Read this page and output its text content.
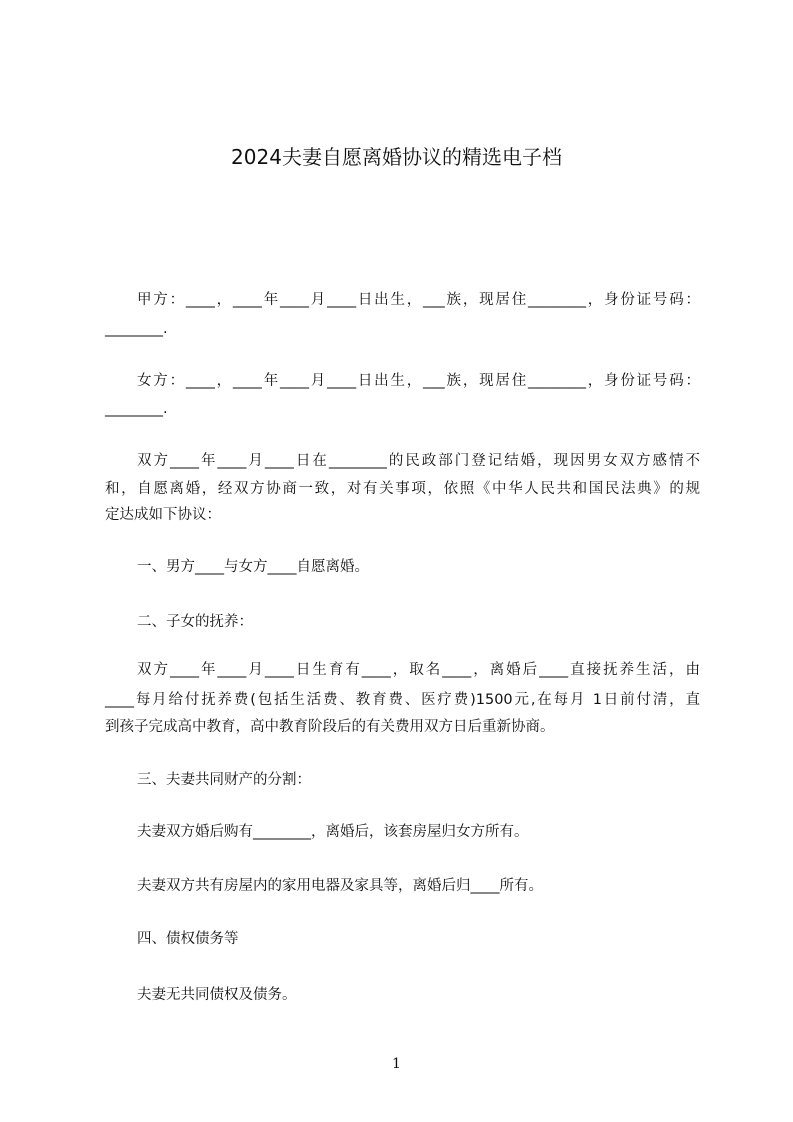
2024夫妻自愿离婚协议的精选电子档
甲方：____，____年____月____日出生，___族，现居住________，身份证号码：
________.
女方：____，____年____月____日出生，___族，现居住________，身份证号码：
________.
双方____年____月____日在________的民政部门登记结婚，现因男女双方感情不
和，自愿离婚，经双方协商一致，对有关事项，依照《中华人民共和国民法典》的规
定达成如下协议：
一、男方____与女方____自愿离婚。
二、子女的抚养：
双方____年____月____日生育有____，取名____，离婚后____直接抚养生活，由
____每月给付抚养费(包括生活费、教育费、医疗费)1500元,在每月 1日前付清，直
到孩子完成高中教育，高中教育阶段后的有关费用双方日后重新协商。
三、夫妻共同财产的分割：
夫妻双方婚后购有________，离婚后，该套房屋归女方所有。
夫妻双方共有房屋内的家用电器及家具等，离婚后归____所有。
四、债权债务等
夫妻无共同债权及债务。
1
